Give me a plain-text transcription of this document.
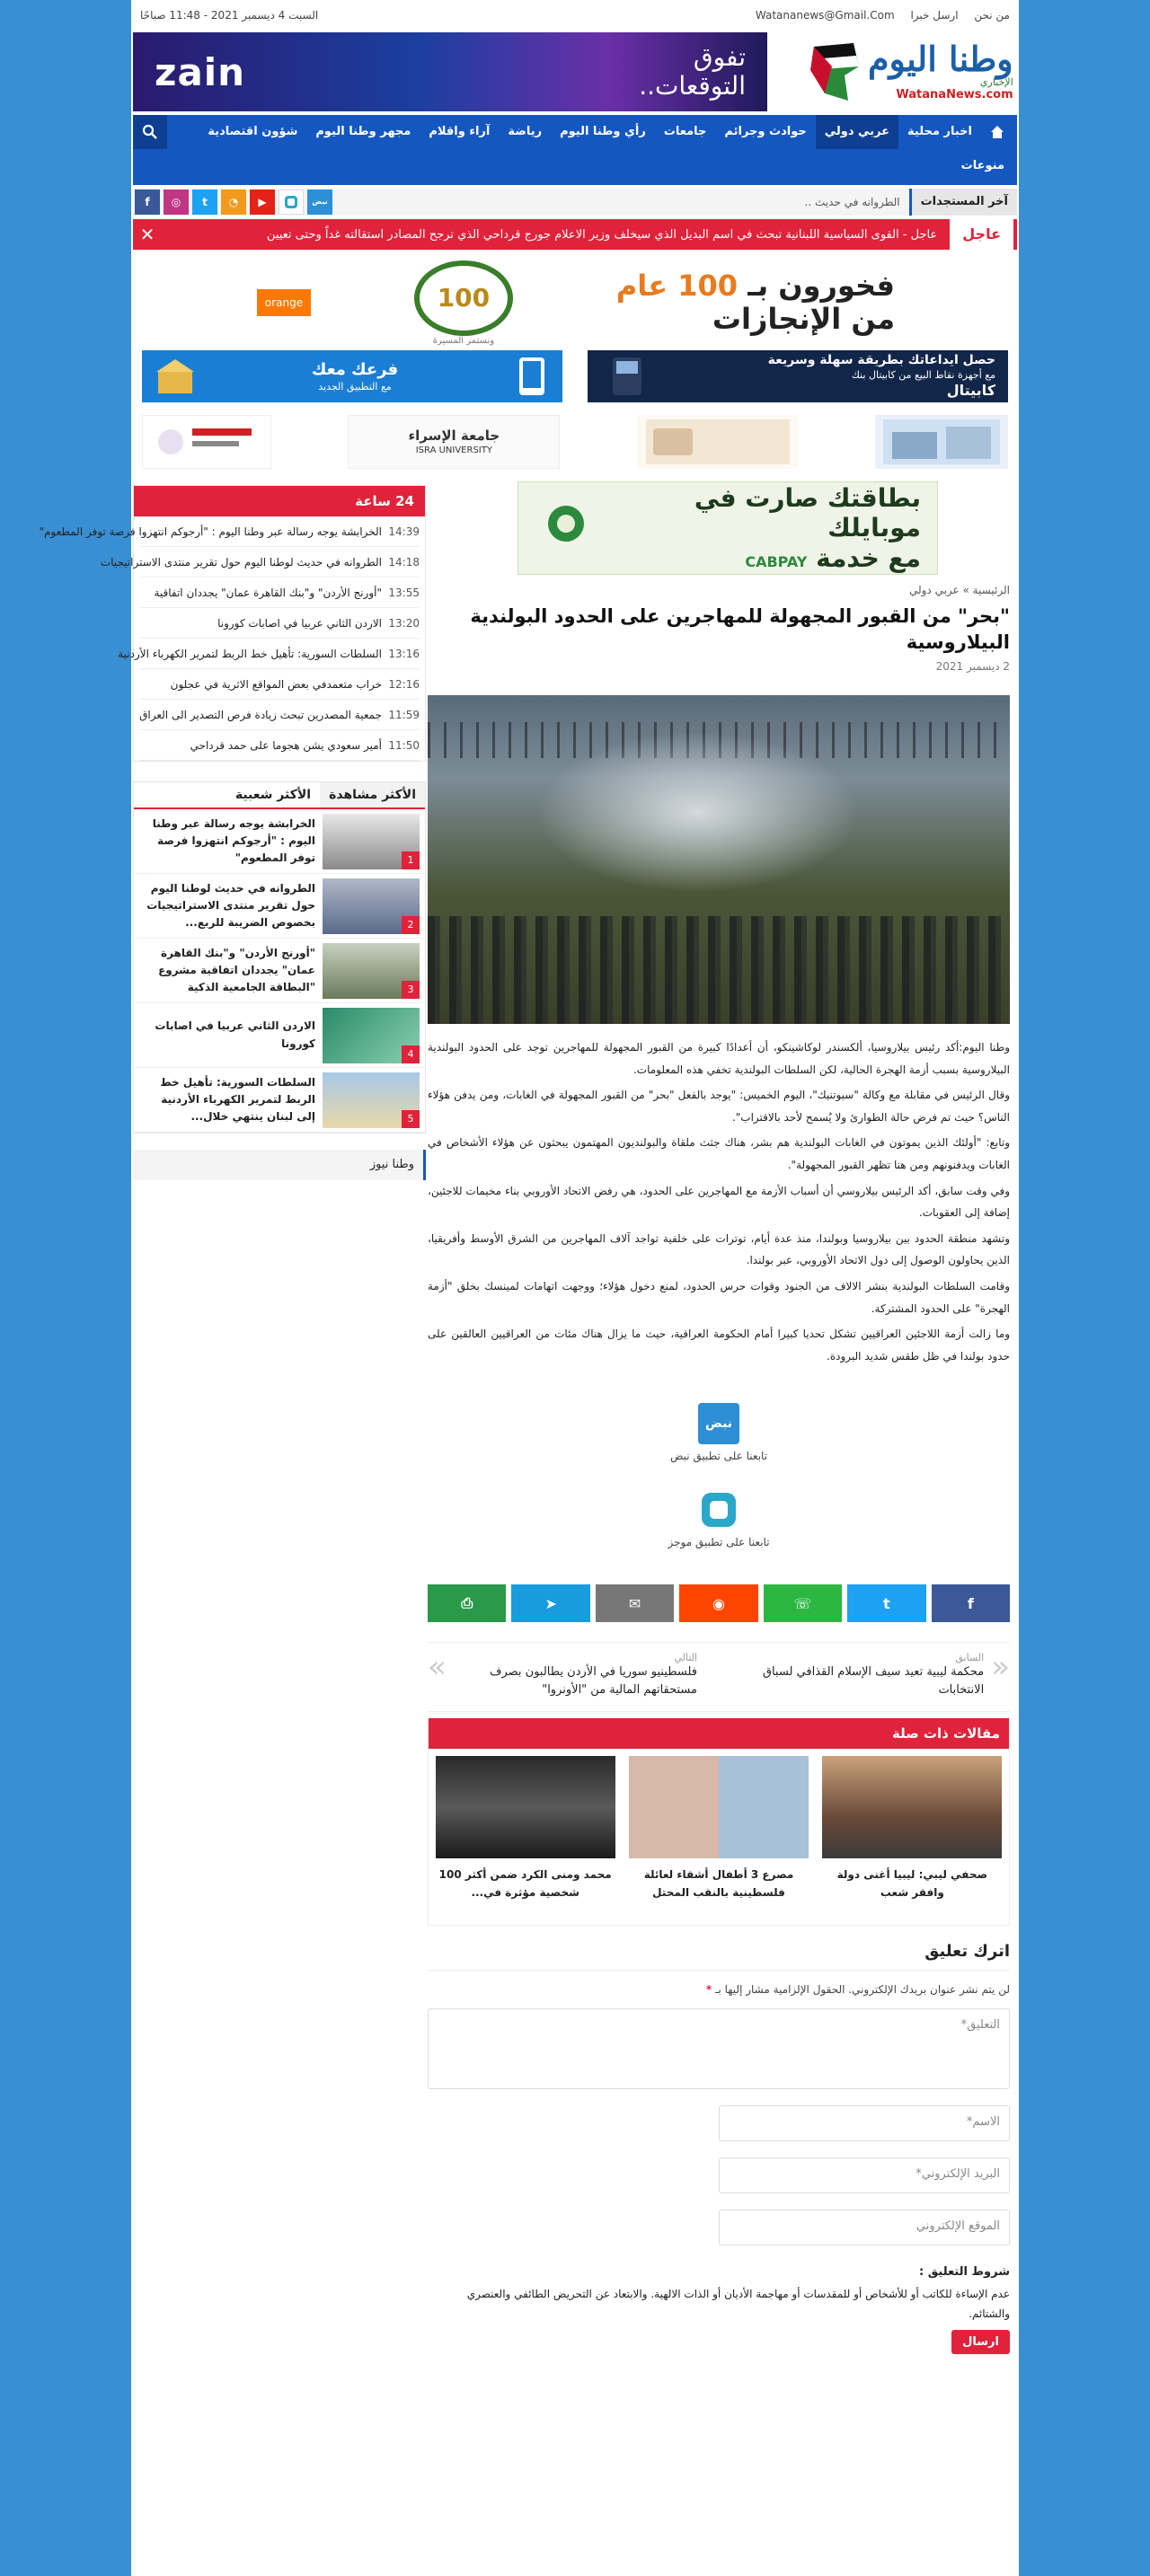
من نحن ارسل خبرا Watananews@Gmail.Com
السبت 4 ديسمبر 2021 - 11:48 صباحًا
وطنا اليوم
الإخباري
WatanaNews.com
تفوق
التوقعات..
zain
اخبار محلية
عربي دولي
حوادث وجرائم
جامعات
رأي وطنا اليوم
رياضة
آراء واقلام
مجهر وطنا اليوم
شؤون اقتصادية
منوعات
آخر المستجدات
الطروانه في حديث ..
نبض
▶
◔
t
◎
f
عاجل
عاجل - القوى السياسية اللبنانية تبحث في اسم البديل الذي سيخلف وزير الاعلام جورج قرداحي الذي ترجح المصادر استقالته غداً وحتى تعيين
✕
فخورون بـ 100 عام
من الإنجازات
100
ونستمر المسيرة
orange
حصل ايداعاتك بطريقة سهلة وسريعة
مع أجهزة نقاط البيع من كابيتال بنك
كابيتال
فرعك معك
مع التطبيق الجديد
جامعة الإسراء
ISRA UNIVERSITY
بطاقتك صارت في موبايلك
مع خدمة CABPAY
الرئيسية » عربي دولي
"بحر" من القبور المجهولة للمهاجرين على الحدود البولندية البيلاروسية
2 ديسمبر 2021

وطنا اليوم:أكد رئيس بيلاروسيا، ألكسندر لوكاشينكو، أن أعدادًا كبيرة من القبور المجهولة للمهاجرين توجد على الحدود البولندية البيلاروسية بسبب أزمة الهجرة الحالية، لكن السلطات البولندية تخفي هذه المعلومات.

وقال الرئيس في مقابلة مع وكالة "سبوتنيك"، اليوم الخميس: "يوجد بالفعل "بحر" من القبور المجهولة في الغابات، ومن يدفن هؤلاء الناس؟ حيث تم فرض حالة الطوارئ ولا يُسمح لأحد بالاقتراب".

وتابع: "أولئك الذين يموتون في الغابات البولندية هم بشر، هناك جثث ملقاة والبولنديون المهتمون يبحثون عن هؤلاء الأشخاص في الغابات ويدفنونهم ومن هنا تظهر القبور المجهولة".

وفي وقت سابق، أكد الرئيس بيلاروسي أن أسباب الأزمة مع المهاجرين على الحدود، هي رفض الاتحاد الأوروبي بناء مخيمات للاجئين، إضافة إلى العقوبات.

وتشهد منطقة الحدود بين بيلاروسيا وبولندا، منذ عدة أيام، توترات على خلفية تواجد آلاف المهاجرين من الشرق الأوسط وأفريقيا، الذين يحاولون الوصول إلى دول الاتحاد الأوروبي، عبر بولندا.

وقامت السلطات البولندية بنشر الالاف من الجنود وقوات حرس الحدود، لمنع دخول هؤلاء؛ ووجهت اتهامات لمينسك بخلق "أزمة الهجرة" على الحدود المشتركة.

وما زالت أزمة اللاجئين العراقيين تشكل تحديا كبيرا أمام الحكومة العراقية، حيث ما يزال هناك مئات من العراقيين العالقين على حدود بولندا في ظل طقس شديد البرودة.

نبض
تابعنا على تطبيق نبض
تابعنا على تطبيق موجز
f
t
☏
◉
✉
➤
⎙
«
السابق
محكمة ليبية تعيد سيف الإسلام القذافي لسباق الانتخابات
»	التالي
فلسطينيو سوريا في الأردن يطالبون بصرف مستحقاتهم المالية من "الأونروا"
مقالات ذات صلة
صحفي ليبي: ليبيا أغنى دولة وافقر شعب
مصرع 3 أطفال أشقاء لعائلة فلسطينية بالنقب المحتل
محمد ومنى الكرد ضمن أكثر 100 شخصية مؤثرة في...
اترك تعليق
لن يتم نشر عنوان بريدك الإلكتروني. الحقول الإلزامية مشار إليها بـ *
التعليق*
الاسم*
البريد الإلكتروني*
الموقع الإلكتروني
شروط التعليق :
عدم الإساءة للكاتب أو للأشخاص أو للمقدسات أو مهاجمة الأديان أو الذات الالهية. والابتعاد عن التحريض الطائفي والعنصري والشتائم.
ارسال
24 ساعة
14:39
الخرابشة يوجه رسالة عبر وطنا اليوم : "أرجوكم انتهزوا فرصة توفر المطعوم"
14:18
الطروانه في حديث لوطنا اليوم حول تقرير منتدى الاستراتيجيات
13:55
"أورنج الأردن" و"بنك القاهرة عمان" يجددان اتفاقية
13:20
الاردن الثاني عربيا في اصابات كورونا
13:16
السلطات السورية: تأهيل خط الربط لتمرير الكهرباء الأردنية
12:16
خراب متعمدفي بعض المواقع الاثرية في عجلون
11:59
جمعية المصدرين تبحث زيادة فرص التصدير الى العراق
11:50
أمير سعودي يشن هجوما على حمد قرداحي
الأكثر مشاهدة
الأكثر شعبية
1
الخرابشة يوجه رسالة عبر وطنا اليوم : "أرجوكم انتهزوا فرصة توفر المطعوم"
2
الطروانه في حديث لوطنا اليوم حول تقرير منتدى الاستراتيجيات بخصوص الضريبة للربع...
3
"أورنج الأردن" و"بنك القاهرة عمان" يجددان اتفاقية مشروع "البطاقة الجامعية الذكية
4
الاردن الثاني عربيا في اصابات كورونا
5
السلطات السورية: تأهيل خط الربط لتمرير الكهرباء الأردنية إلى لبنان ينتهي خلال...
وطنا نيوز
